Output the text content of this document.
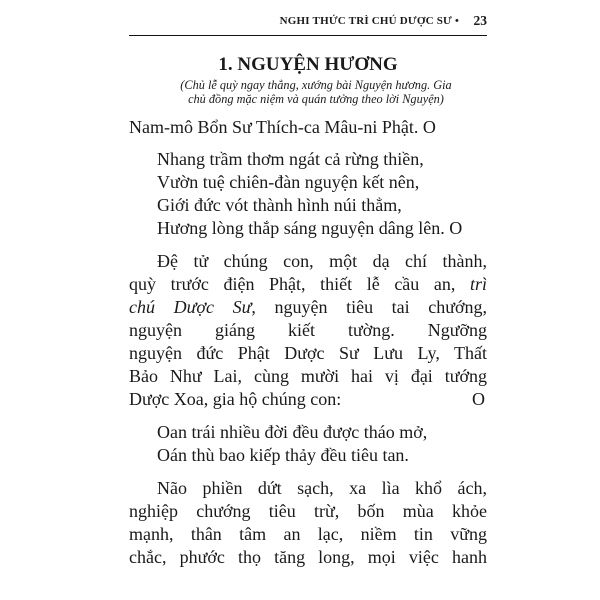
NGHI THỨC TRÌ CHÚ DƯỢC SƯ • 23
1. NGUYỆN HƯƠNG

(Chủ lễ quỳ ngay thẳng, xướng bài Nguyện hương. Gia

chủ đồng mặc niệm và quán tưởng theo lời Nguyện)

Nam-mô Bổn Sư Thích-ca Mâu-ni Phật. O
Nhang trầm thơm ngát cả rừng thiền,
Vườn tuệ chiên-đàn nguyện kết nên,
Giới đức vót thành hình núi thẳm,
Hương lòng thắp sáng nguyện dâng lên. O
Đệ tử chúng con, một dạ chí thành,
quỳ trước điện Phật, thiết lễ cầu an, trì
chú Dược Sư, nguyện tiêu tai chướng,
nguyện giáng kiết tường. Ngưỡng
nguyện đức Phật Dược Sư Lưu Ly, Thất
Bảo Như Lai, cùng mười hai vị đại tướng
Dược Xoa, gia hộ chúng con:	O
Oan trái nhiều đời đều được tháo mở,
Oán thù bao kiếp thảy đều tiêu tan.
Não phiền dứt sạch, xa lìa khổ ách,
nghiệp chướng tiêu trừ, bốn mùa khỏe
mạnh, thân tâm an lạc, niềm tin vững
chắc, phước thọ tăng long, mọi việc hanh
